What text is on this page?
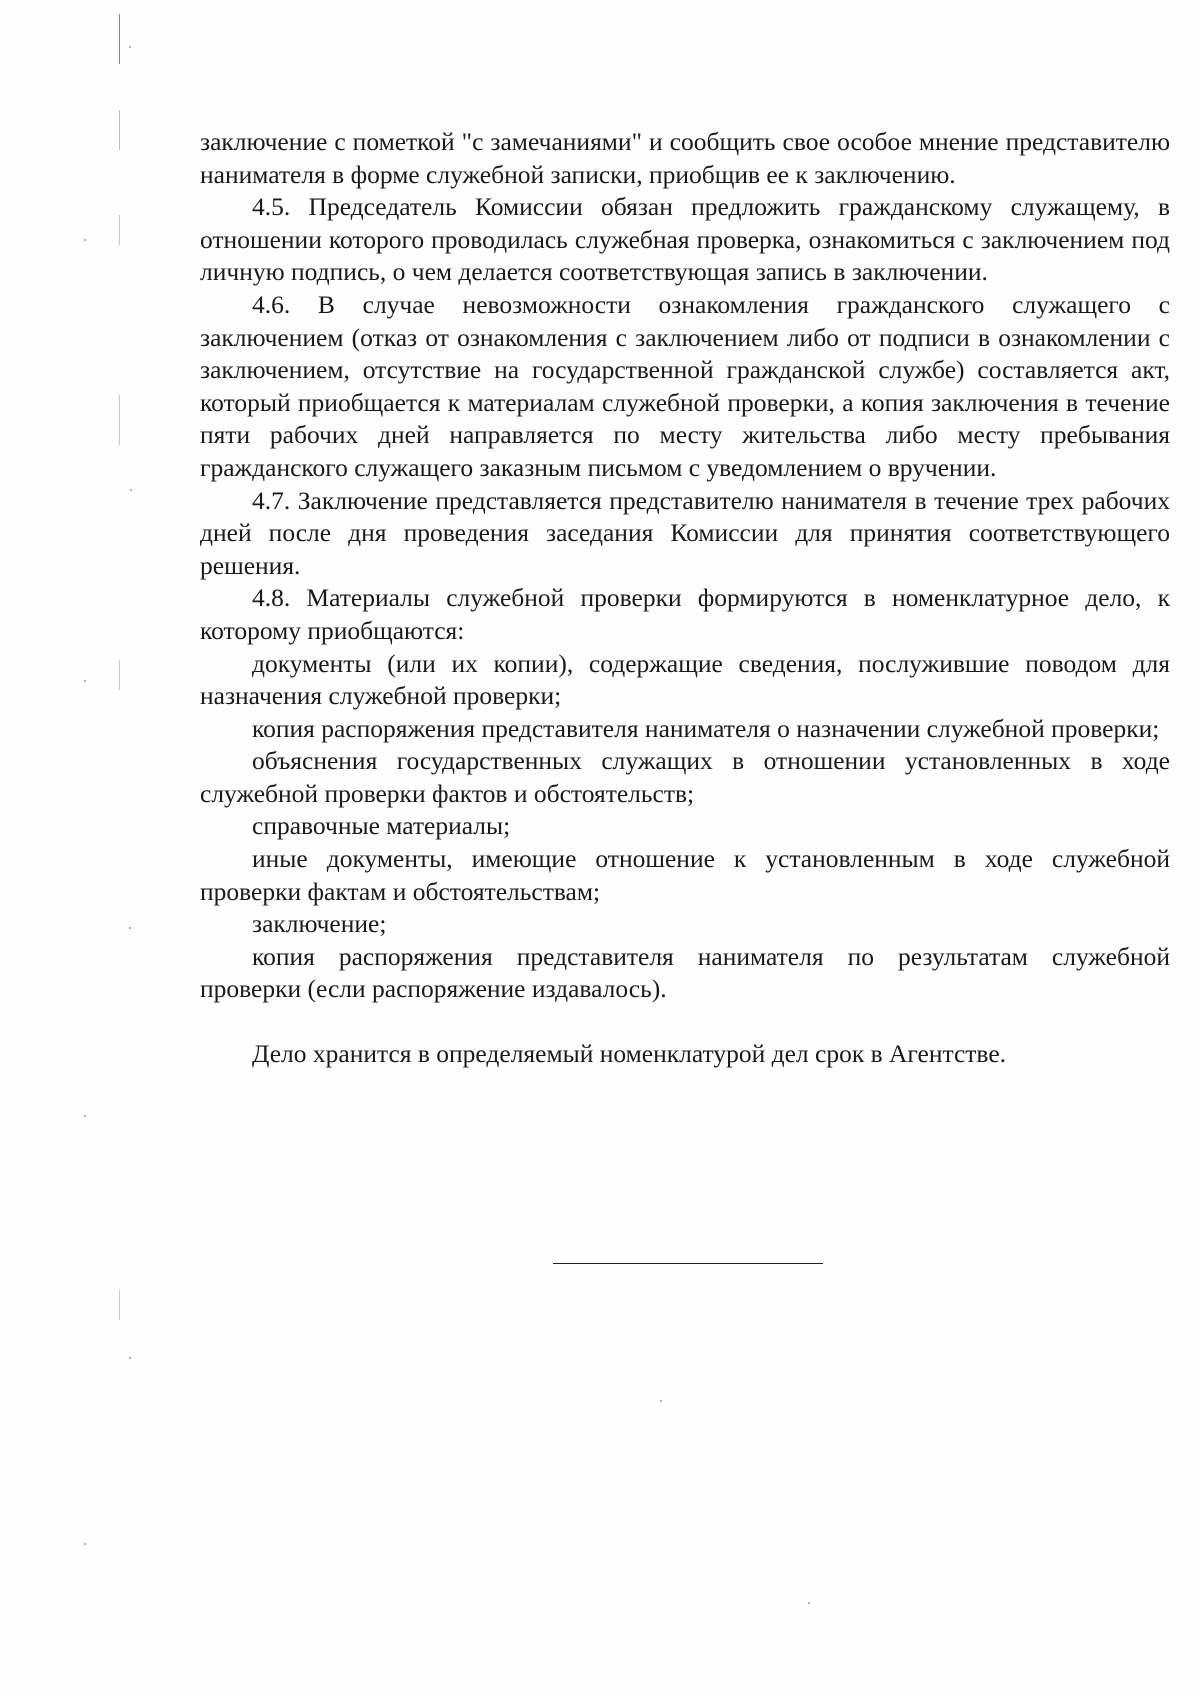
заключение с пометкой "с замечаниями" и сообщить свое особое мнение представителю нанимателя в форме служебной записки, приобщив ее к заключению.

4.5. Председатель Комиссии обязан предложить гражданскому служащему, в отношении которого проводилась служебная проверка, ознакомиться с заключением под личную подпись, о чем делается соответствующая запись в заключении.

4.6. В случае невозможности ознакомления гражданского служащего с заключением (отказ от ознакомления с заключением либо от подписи в ознакомлении с заключением, отсутствие на государственной гражданской службе) составляется акт, который приобщается к материалам служебной проверки, а копия заключения в течение пяти рабочих дней направляется по месту жительства либо месту пребывания гражданского служащего заказным письмом с уведомлением о вручении.

4.7. Заключение представляется представителю нанимателя в течение трех рабочих дней после дня проведения заседания Комиссии для принятия соответствующего решения.

4.8. Материалы служебной проверки формируются в номенклатурное дело, к которому приобщаются:

документы (или их копии), содержащие сведения, послужившие поводом для назначения служебной проверки;

копия распоряжения представителя нанимателя о назначении служебной проверки;

объяснения государственных служащих в отношении установленных в ходе служебной проверки фактов и обстоятельств;

справочные материалы;

иные документы, имеющие отношение к установленным в ходе служебной проверки фактам и обстоятельствам;

заключение;

копия распоряжения представителя нанимателя по результатам служебной проверки (если распоряжение издавалось).

Дело хранится в определяемый номенклатурой дел срок в Агентстве.
